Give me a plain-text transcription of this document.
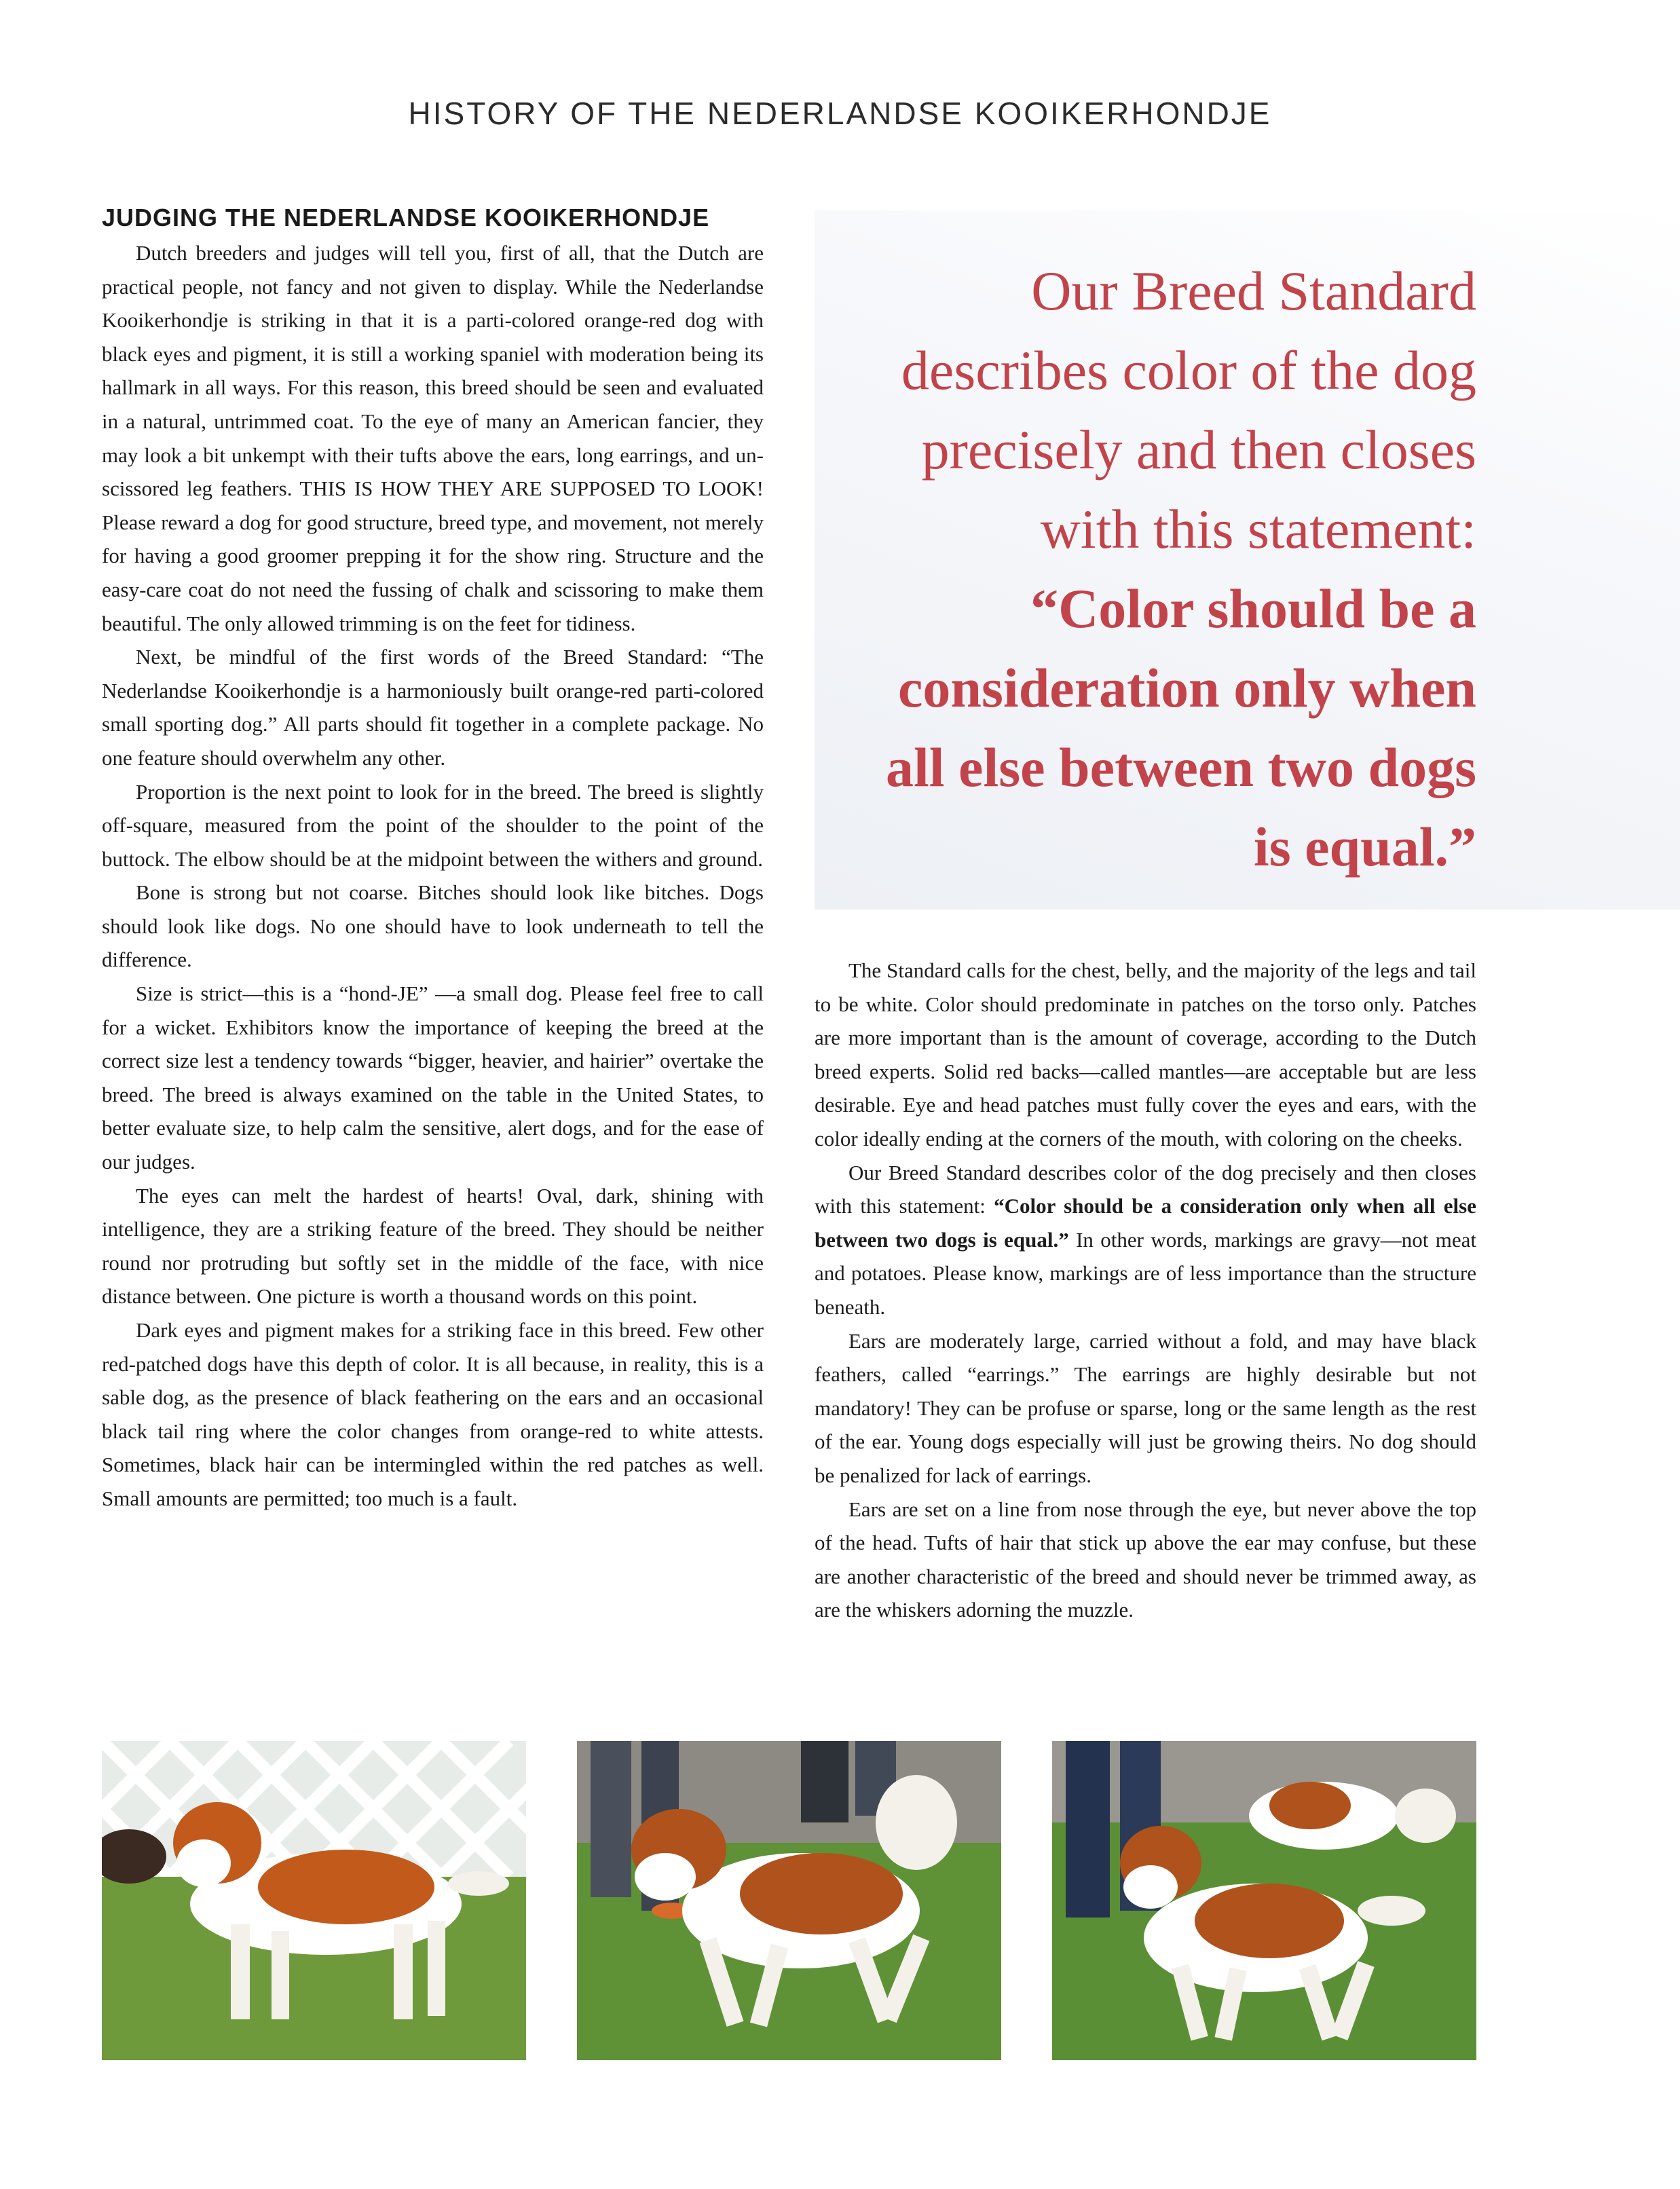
HISTORY OF THE NEDERLANDSE KOOIKERHONDJE
JUDGING THE NEDERLANDSE KOOIKERHONDJE

Dutch breeders and judges will tell you, first of all, that the Dutch are practical people, not fancy and not given to display. While the Nederlandse Kooikerhondje is striking in that it is a parti-colored orange-red dog with black eyes and pigment, it is still a working spaniel with moderation being its hallmark in all ways. For this reason, this breed should be seen and evaluated in a natural, untrimmed coat. To the eye of many an American fancier, they may look a bit unkempt with their tufts above the ears, long earrings, and un-scissored leg feathers. THIS IS HOW THEY ARE SUPPOSED TO LOOK! Please reward a dog for good structure, breed type, and movement, not merely for having a good groomer prepping it for the show ring. Structure and the easy-care coat do not need the fussing of chalk and scissoring to make them beautiful. The only allowed trimming is on the feet for tidiness.

Next, be mindful of the first words of the Breed Standard: “The Nederlandse Kooikerhondje is a harmoniously built orange-red parti-colored small sporting dog.” All parts should fit together in a complete package. No one feature should overwhelm any other.

Proportion is the next point to look for in the breed. The breed is slightly off-square, measured from the point of the shoulder to the point of the buttock. The elbow should be at the midpoint between the withers and ground.

Bone is strong but not coarse. Bitches should look like bitches. Dogs should look like dogs. No one should have to look underneath to tell the difference.

Size is strict—this is a “hond-JE” —a small dog. Please feel free to call for a wicket. Exhibitors know the importance of keeping the breed at the correct size lest a tendency towards “bigger, heavier, and hairier” overtake the breed. The breed is always examined on the table in the United States, to better evaluate size, to help calm the sensitive, alert dogs, and for the ease of our judges.

The eyes can melt the hardest of hearts! Oval, dark, shining with intelligence, they are a striking feature of the breed. They should be neither round nor protruding but softly set in the middle of the face, with nice distance between. One picture is worth a thousand words on this point.

Dark eyes and pigment makes for a striking face in this breed. Few other red-patched dogs have this depth of color. It is all because, in reality, this is a sable dog, as the presence of black feathering on the ears and an occasional black tail ring where the color changes from orange-red to white attests. Sometimes, black hair can be intermingled within the red patches as well. Small amounts are permitted; too much is a fault.

Our Breed Standard describes color of the dog precisely and then closes with this statement: “Color should be a consideration only when all else between two dogs is equal.”

The Standard calls for the chest, belly, and the majority of the legs and tail to be white. Color should predominate in patches on the torso only. Patches are more important than is the amount of coverage, according to the Dutch breed experts. Solid red backs—called mantles—are acceptable but are less desirable. Eye and head patches must fully cover the eyes and ears, with the color ideally ending at the corners of the mouth, with coloring on the cheeks.

Our Breed Standard describes color of the dog precisely and then closes with this statement: “Color should be a consideration only when all else between two dogs is equal.” In other words, markings are gravy—not meat and potatoes. Please know, markings are of less importance than the structure beneath.

Ears are moderately large, carried without a fold, and may have black feathers, called “earrings.” The earrings are highly desirable but not mandatory! They can be profuse or sparse, long or the same length as the rest of the ear. Young dogs especially will just be growing theirs. No dog should be penalized for lack of earrings.

Ears are set on a line from nose through the eye, but never above the top of the head. Tufts of hair that stick up above the ear may confuse, but these are another characteristic of the breed and should never be trimmed away, as are the whiskers adorning the muzzle.
